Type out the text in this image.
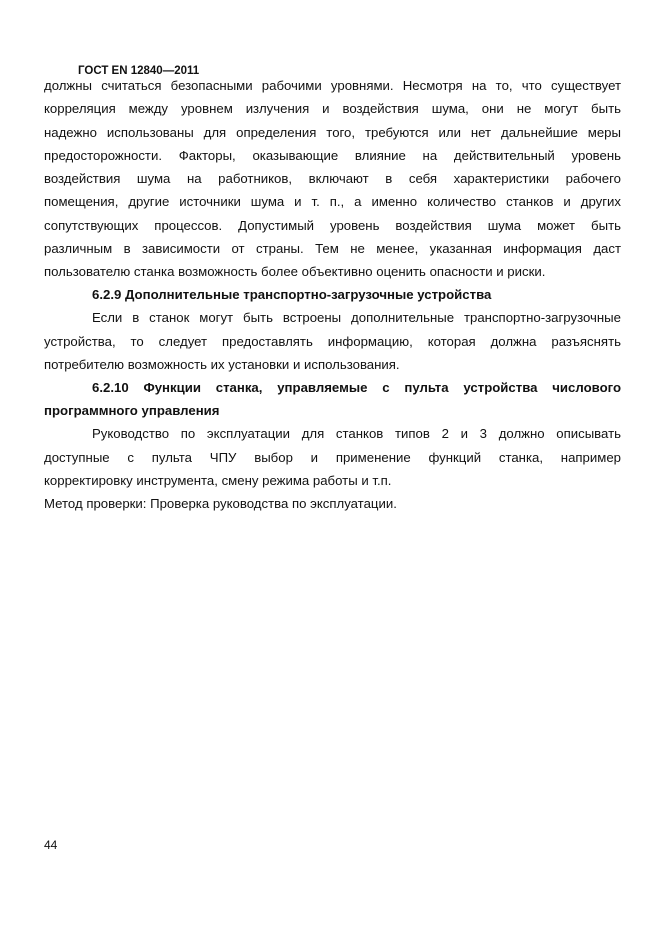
ГОСТ EN 12840—2011
должны считаться безопасными рабочими уровнями. Несмотря на то, что существует
корреляция между уровнем излучения и воздействия шума, они не могут быть
надежно использованы для определения того, требуются или нет дальнейшие меры
предосторожности. Факторы, оказывающие влияние на действительный уровень
воздействия шума на работников, включают в себя характеристики рабочего
помещения, другие источники шума и т. п., а именно количество станков и других
сопутствующих процессов. Допустимый уровень воздействия шума может быть
различным в зависимости от страны. Тем не менее, указанная информация даст
пользователю станка возможность более объективно оценить опасности и риски.
6.2.9 Дополнительные транспортно-загрузочные устройства
Если в станок могут быть встроены дополнительные транспортно-загрузочные
устройства, то следует предоставлять информацию, которая должна разъяснять
потребителю возможность их установки и использования.
6.2.10 Функции станка, управляемые с пульта устройства числового
программного управления
Руководство по эксплуатации для станков типов 2 и 3 должно описывать
доступные с пульта ЧПУ выбор и применение функций станка, например
корректировку инструмента, смену режима работы и т.п.
Метод проверки: Проверка руководства по эксплуатации.
44
